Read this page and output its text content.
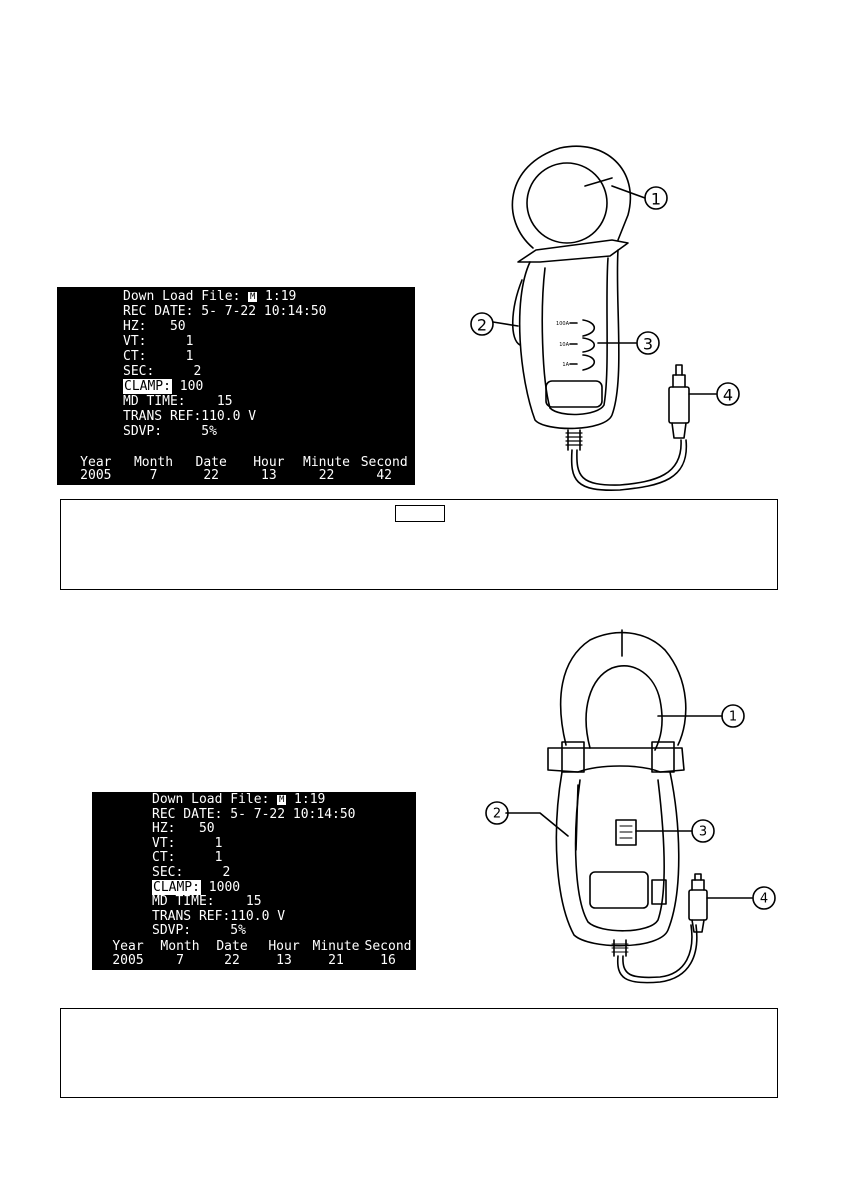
Down Load File: M 1:19
REC DATE: 5- 7-22 10:14:50
HZ:   50
VT:     1
CT:     1
SEC:     2
CLAMP: 100
MD TIME:    15
TRANS REF:110.0 V
SDVP:     5%
Year	Month	Date	Hour	Minute Second
2005	7	22	13	22	42
Down Load File: M 1:19
REC DATE: 5- 7-22 10:14:50
HZ:   50
VT:     1
CT:     1
SEC:     2
CLAMP: 1000
MD TIME:    15
TRANS REF:110.0 V
SDVP:     5%
Year	Month	Date	Hour Minute Second
2005	7	22	13	21	16
1
2
3
4
1
2
3
4
100A
10A
1A
